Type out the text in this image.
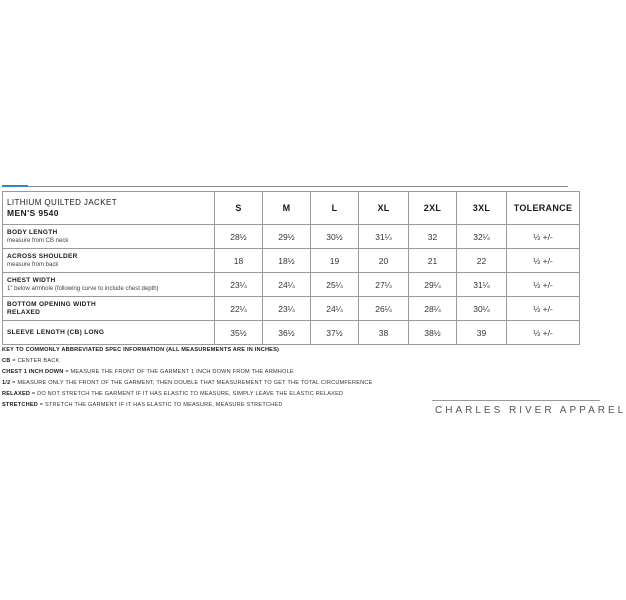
LITHIUM QUILTED JACKET
MEN'S 9540	S	M	L	XL	2XL	3XL	TOLERANCE

BODY LENGTH
measure from CB neck	28½	29½	30½	31¼	32	32¼	½ +/-

ACROSS SHOULDER
measure from back	18	18½	19	20	21	22	½ +/-

CHEST WIDTH
1" below armhole (following curve to include chest depth)	23¼	24¼	25¼	27¼	29¼	31¼	½ +/-

BOTTOM OPENING WIDTH
RELAXED	22¼	23¼	24¼	26¼	28¼	30¼	½ +/-

SLEEVE LENGTH (CB) LONG	35½	36½	37½	38	38½	39	½ +/-
KEY TO COMMONLY ABBREVIATED SPEC INFORMATION (ALL MEASUREMENTS ARE IN INCHES)
CB = CENTER BACK
CHEST 1 INCH DOWN = MEASURE THE FRONT OF THE GARMENT 1 INCH DOWN FROM THE ARMHOLE
1/2 = MEASURE ONLY THE FRONT OF THE GARMENT, THEN DOUBLE THAT MEASUREMENT TO GET THE TOTAL CIRCUMFERENCE
RELAXED = DO NOT STRETCH THE GARMENT IF IT HAS ELASTIC TO MEASURE, SIMPLY LEAVE THE ELASTIC RELAXED
STRETCHED = STRETCH THE GARMENT IF IT HAS ELASTIC TO MEASURE, MEASURE STRETCHED	CHARLES RIVER APPAREL
